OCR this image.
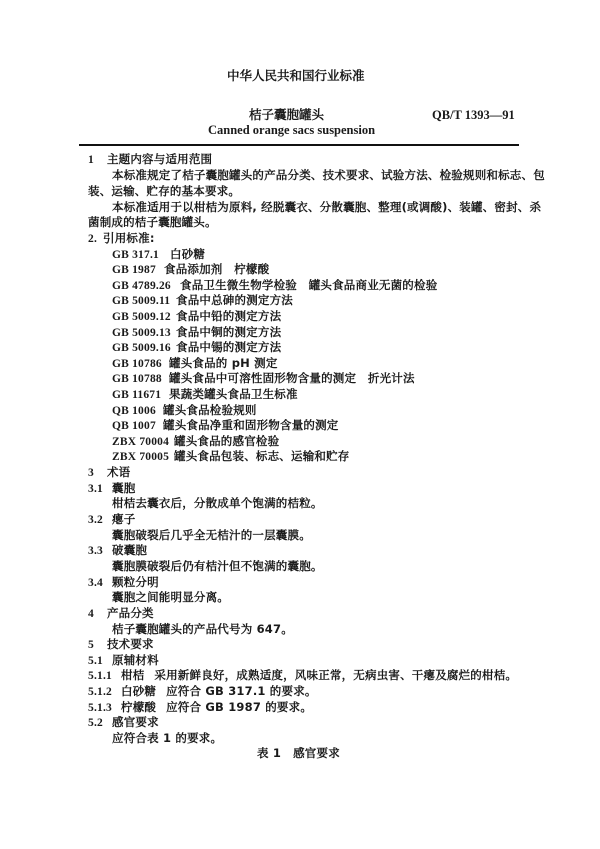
中华人民共和国行业标准
桔子囊胞罐头	QB/T 1393—91
Canned orange sacs suspension
1 主题内容与适用范围
本标准规定了桔子囊胞罐头的产品分类、技术要求、试验方法、检验规则和标志、包
装、运输、贮存的基本要求。
本标准适用于以柑桔为原料, 经脱囊衣、分散囊胞、整理(或调酸)、装罐、密封、杀
菌制成的桔子囊胞罐头。
2. 引用标准:
GB 317.1 白砂糖
GB 1987 食品添加剂　柠檬酸
GB 4789.26 食品卫生微生物学检验　罐头食品商业无菌的检验
GB 5009.11 食品中总砷的测定方法
GB 5009.12 食品中铅的测定方法
GB 5009.13 食品中铜的测定方法
GB 5009.16 食品中锡的测定方法
GB 10786 罐头食品的 pH 测定
GB 10788 罐头食品中可溶性固形物含量的测定　折光计法
GB 11671 果蔬类罐头食品卫生标准
QB 1006 罐头食品检验规则
QB 1007 罐头食品净重和固形物含量的测定
ZBX 70004 罐头食品的感官检验
ZBX 70005 罐头食品包装、标志、运输和贮存
3 术语
3.1 囊胞
柑桔去囊衣后，分散成单个饱满的桔粒。
3.2 瘪子
囊胞破裂后几乎全无桔汁的一层囊膜。
3.3 破囊胞
囊胞膜破裂后仍有桔汁但不饱满的囊胞。
3.4 颗粒分明
囊胞之间能明显分离。
4 产品分类
桔子囊胞罐头的产品代号为 647。
5 技术要求
5.1 原辅材料
5.1.1 柑桔 采用新鲜良好，成熟适度，风味正常，无病虫害、干瘪及腐烂的柑桔。
5.1.2 白砂糖 应符合 GB 317.1 的要求。
5.1.3 柠檬酸 应符合 GB 1987 的要求。
5.2 感官要求
应符合表 1 的要求。
表 1 感官要求
